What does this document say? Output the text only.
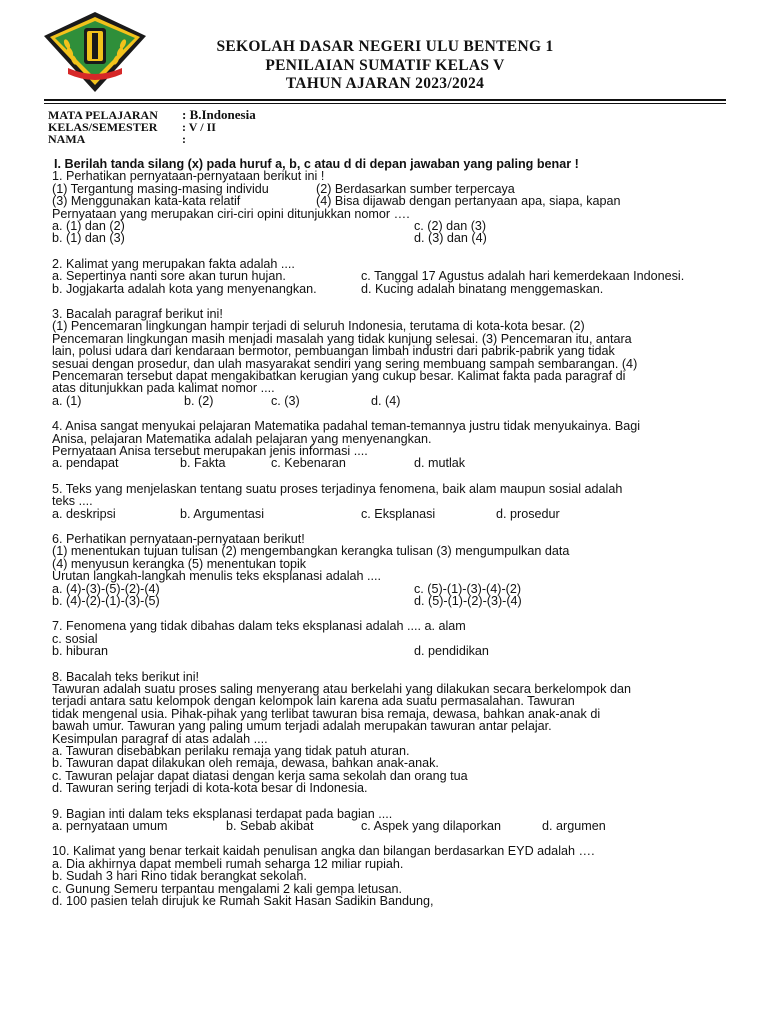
SEKOLAH DASAR NEGERI ULU BENTENG 1
PENILAIAN SUMATIF KELAS V
TAHUN AJARAN 2023/2024
MATA PELAJARAN : B.Indonesia
KELAS/SEMESTER : V / II
NAMA	:

I. Berilah tanda silang (x) pada huruf a, b, c atau d di depan jawaban yang paling benar !

1. Perhatikan pernyataan-pernyataan berikut ini !

(1) Tergantung masing-masing individu	(2) Berdasarkan sumber terpercaya
(3) Menggunakan kata-kata relatif	(4) Bisa dijawab dengan pertanyaan apa, siapa, kapan

Pernyataan yang merupakan ciri-ciri opini ditunjukkan nomor ….

a. (1) dan (2)	c. (2) dan (3)
b. (1) dan (3)	d. (3) dan (4)

2. Kalimat yang merupakan fakta adalah ....

a. Sepertinya nanti sore akan turun hujan.	c. Tanggal 17 Agustus adalah hari kemerdekaan Indonesi.
b. Jogjakarta adalah kota yang menyenangkan.	d. Kucing adalah binatang menggemaskan.

3. Bacalah paragraf berikut ini!

(1) Pencemaran lingkungan hampir terjadi di seluruh Indonesia, terutama di kota-kota besar. (2)

Pencemaran lingkungan masih menjadi masalah yang tidak kunjung selesai. (3) Pencemaran itu, antara

lain, polusi udara dari kendaraan bermotor, pembuangan limbah industri dari pabrik-pabrik yang tidak

sesuai dengan prosedur, dan ulah masyarakat sendiri yang sering membuang sampah sembarangan. (4)

Pencemaran tersebut dapat mengakibatkan kerugian yang cukup besar. Kalimat fakta pada paragraf di

atas ditunjukkan pada kalimat nomor ....

a. (1)	b. (2)	c. (3)	d. (4)

4. Anisa sangat menyukai pelajaran Matematika padahal teman-temannya justru tidak menyukainya. Bagi

Anisa, pelajaran Matematika adalah pelajaran yang menyenangkan.

Pernyataan Anisa tersebut merupakan jenis informasi ....

a. pendapat	b. Fakta	c. Kebenaran	d. mutlak

5. Teks yang menjelaskan tentang suatu proses terjadinya fenomena, baik alam maupun sosial adalah

teks ....

a. deskripsi	b. Argumentasi	c. Eksplanasi	d. prosedur

6. Perhatikan pernyataan-pernyataan berikut!

(1) menentukan tujuan tulisan (2) mengembangkan kerangka tulisan (3) mengumpulkan data

(4) menyusun kerangka (5) menentukan topik

Urutan langkah-langkah menulis teks eksplanasi adalah ....

a. (4)-(3)-(5)-(2)-(4)	c. (5)-(1)-(3)-(4)-(2)
b. (4)-(2)-(1)-(3)-(5)	d. (5)-(1)-(2)-(3)-(4)

7. Fenomena yang tidak dibahas dalam teks eksplanasi adalah .... a. alam

c. sosial

b. hiburan	d. pendidikan

8. Bacalah teks berikut ini!

Tawuran adalah suatu proses saling menyerang atau berkelahi yang dilakukan secara berkelompok dan

terjadi antara satu kelompok dengan kelompok lain karena ada suatu permasalahan. Tawuran

tidak mengenal usia. Pihak-pihak yang terlibat tawuran bisa remaja, dewasa, bahkan anak-anak di

bawah umur. Tawuran yang paling umum terjadi adalah merupakan tawuran antar pelajar.

Kesimpulan paragraf di atas adalah ....

a. Tawuran disebabkan perilaku remaja yang tidak patuh aturan.

b. Tawuran dapat dilakukan oleh remaja, dewasa, bahkan anak-anak.

c. Tawuran pelajar dapat diatasi dengan kerja sama sekolah dan orang tua

d. Tawuran sering terjadi di kota-kota besar di Indonesia.

9. Bagian inti dalam teks eksplanasi terdapat pada bagian ....

a. pernyataan umum	b. Sebab akibat	c. Aspek yang dilaporkan	d. argumen

10. Kalimat yang benar terkait kaidah penulisan angka dan bilangan berdasarkan EYD adalah ….

a. Dia akhirnya dapat membeli rumah seharga 12 miliar rupiah.

b. Sudah 3 hari Rino tidak berangkat sekolah.

c. Gunung Semeru terpantau mengalami 2 kali gempa letusan.

d. 100 pasien telah dirujuk ke Rumah Sakit Hasan Sadikin Bandung,
